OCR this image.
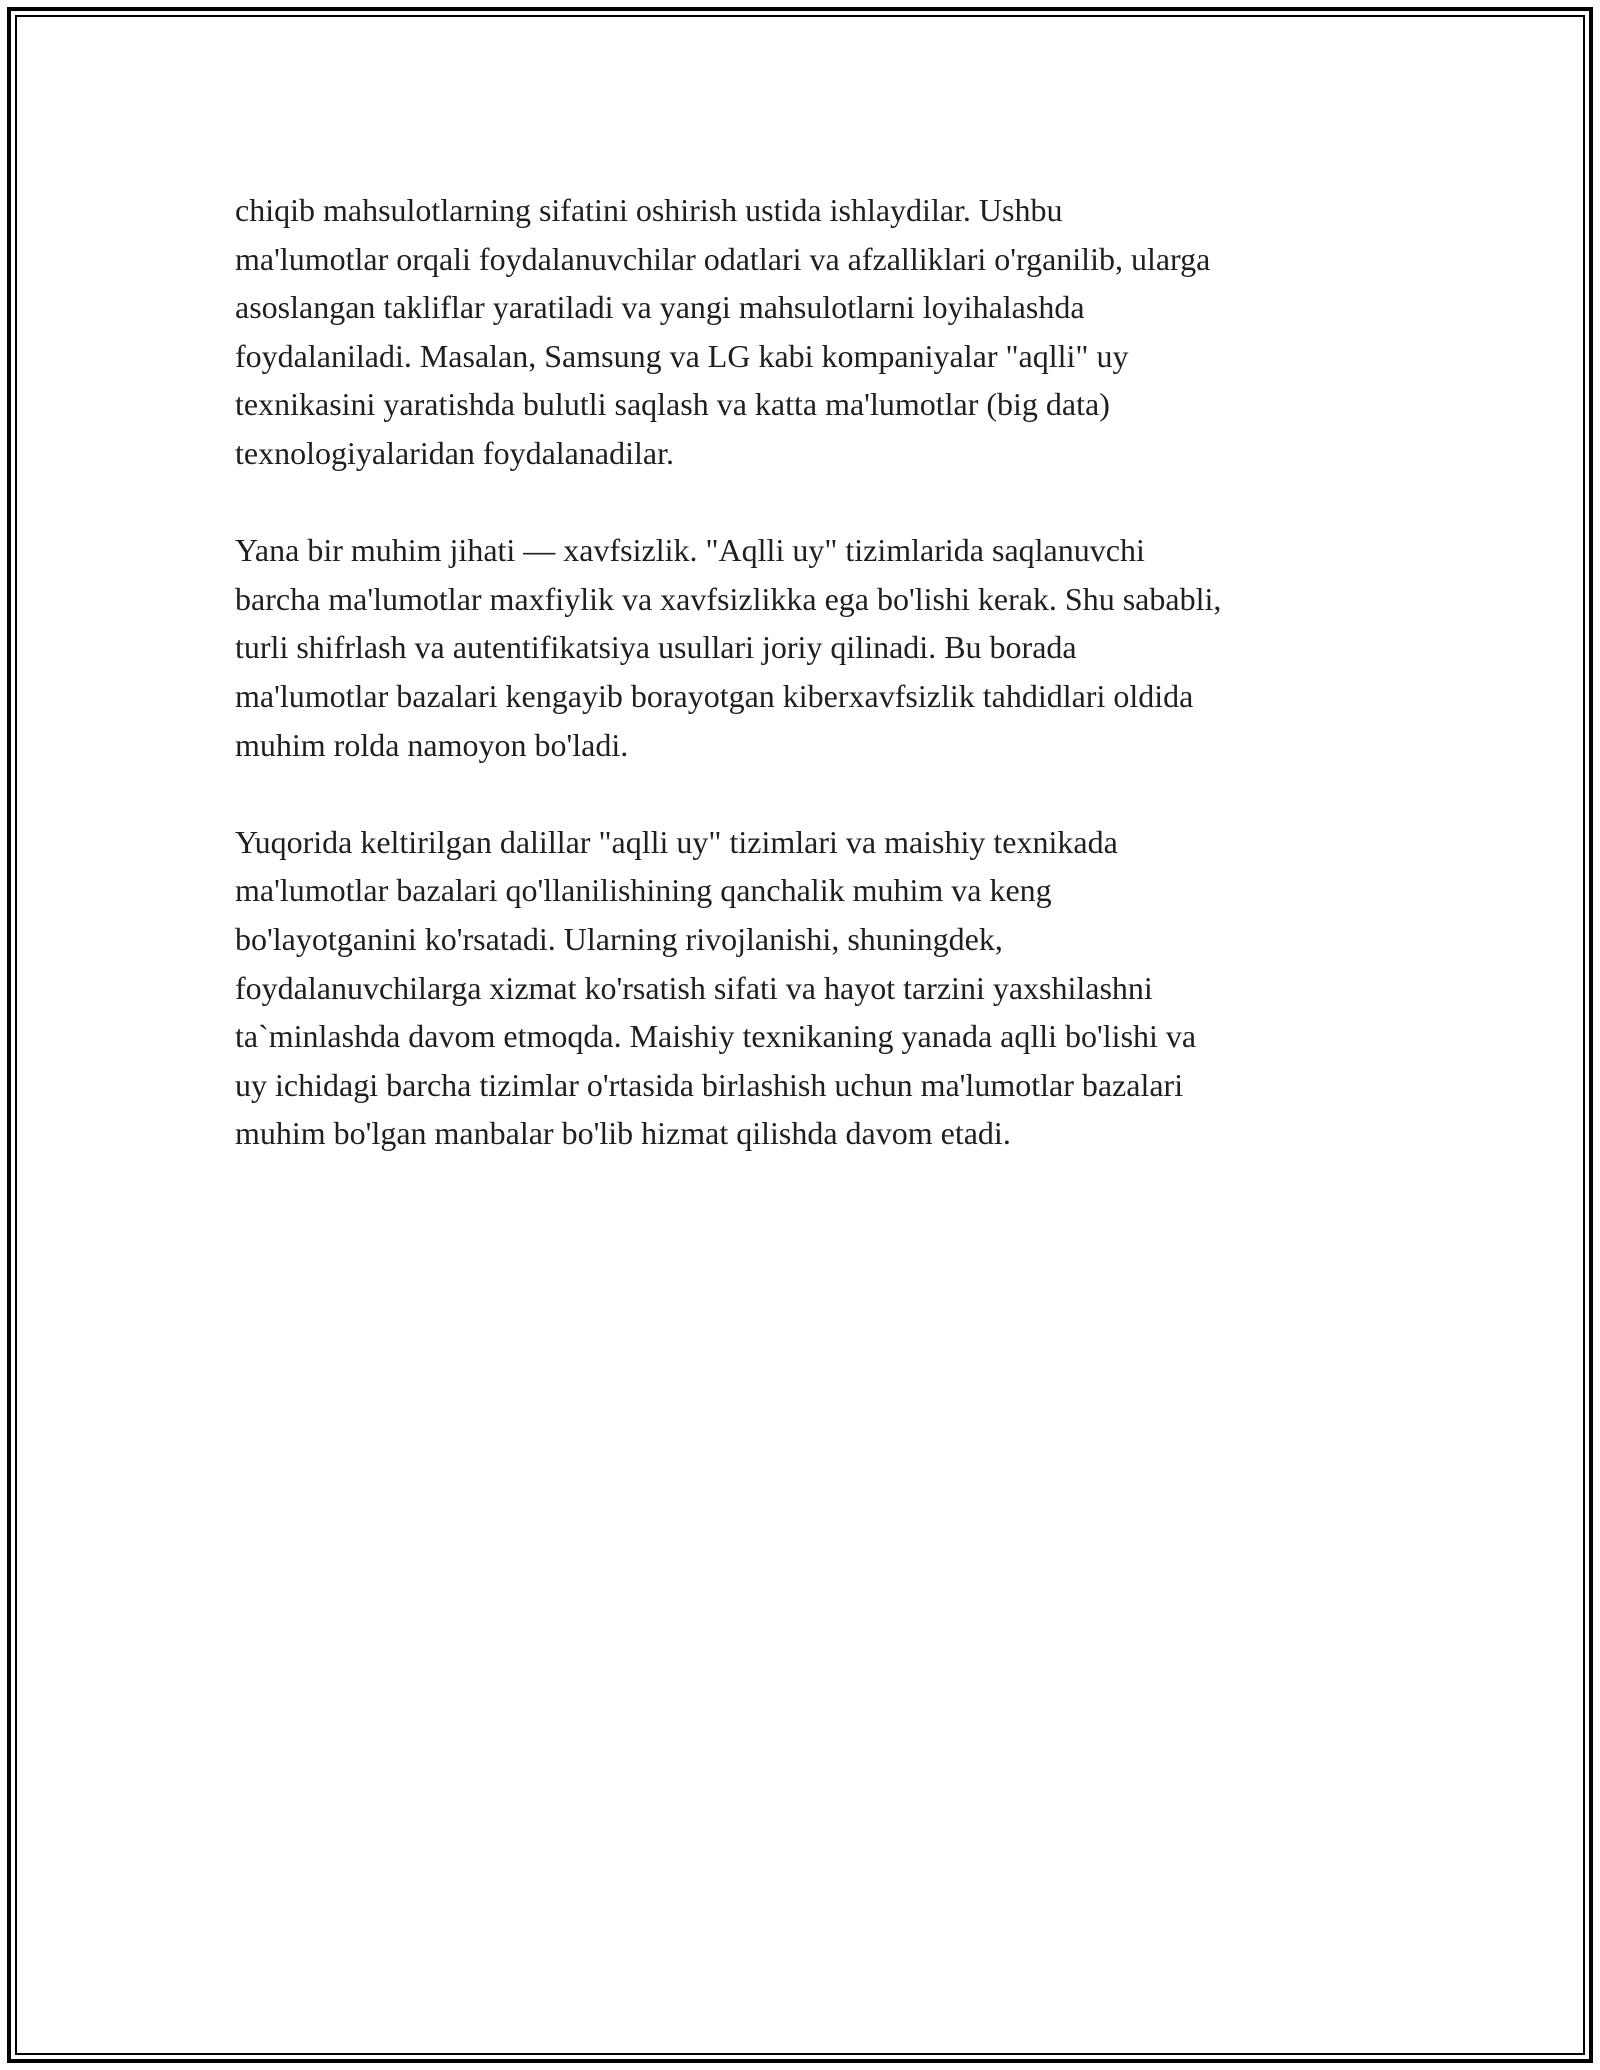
chiqib mahsulotlarning sifatini oshirish ustida ishlaydilar. Ushbu
ma'lumotlar orqali foydalanuvchilar odatlari va afzalliklari o'rganilib, ularga
asoslangan takliflar yaratiladi va yangi mahsulotlarni loyihalashda
foydalaniladi. Masalan, Samsung va LG kabi kompaniyalar "aqlli" uy
texnikasini yaratishda bulutli saqlash va katta ma'lumotlar (big data)
texnologiyalaridan foydalanadilar.

Yana bir muhim jihati — xavfsizlik. "Aqlli uy" tizimlarida saqlanuvchi
barcha ma'lumotlar maxfiylik va xavfsizlikka ega bo'lishi kerak. Shu sababli,
turli shifrlash va autentifikatsiya usullari joriy qilinadi. Bu borada
ma'lumotlar bazalari kengayib borayotgan kiberxavfsizlik tahdidlari oldida
muhim rolda namoyon bo'ladi.

Yuqorida keltirilgan dalillar "aqlli uy" tizimlari va maishiy texnikada
ma'lumotlar bazalari qo'llanilishining qanchalik muhim va keng
bo'layotganini ko'rsatadi. Ularning rivojlanishi, shuningdek,
foydalanuvchilarga xizmat ko'rsatish sifati va hayot tarzini yaxshilashni
ta`minlashda davom etmoqda. Maishiy texnikaning yanada aqlli bo'lishi va
uy ichidagi barcha tizimlar o'rtasida birlashish uchun ma'lumotlar bazalari
muhim bo'lgan manbalar bo'lib hizmat qilishda davom etadi.
